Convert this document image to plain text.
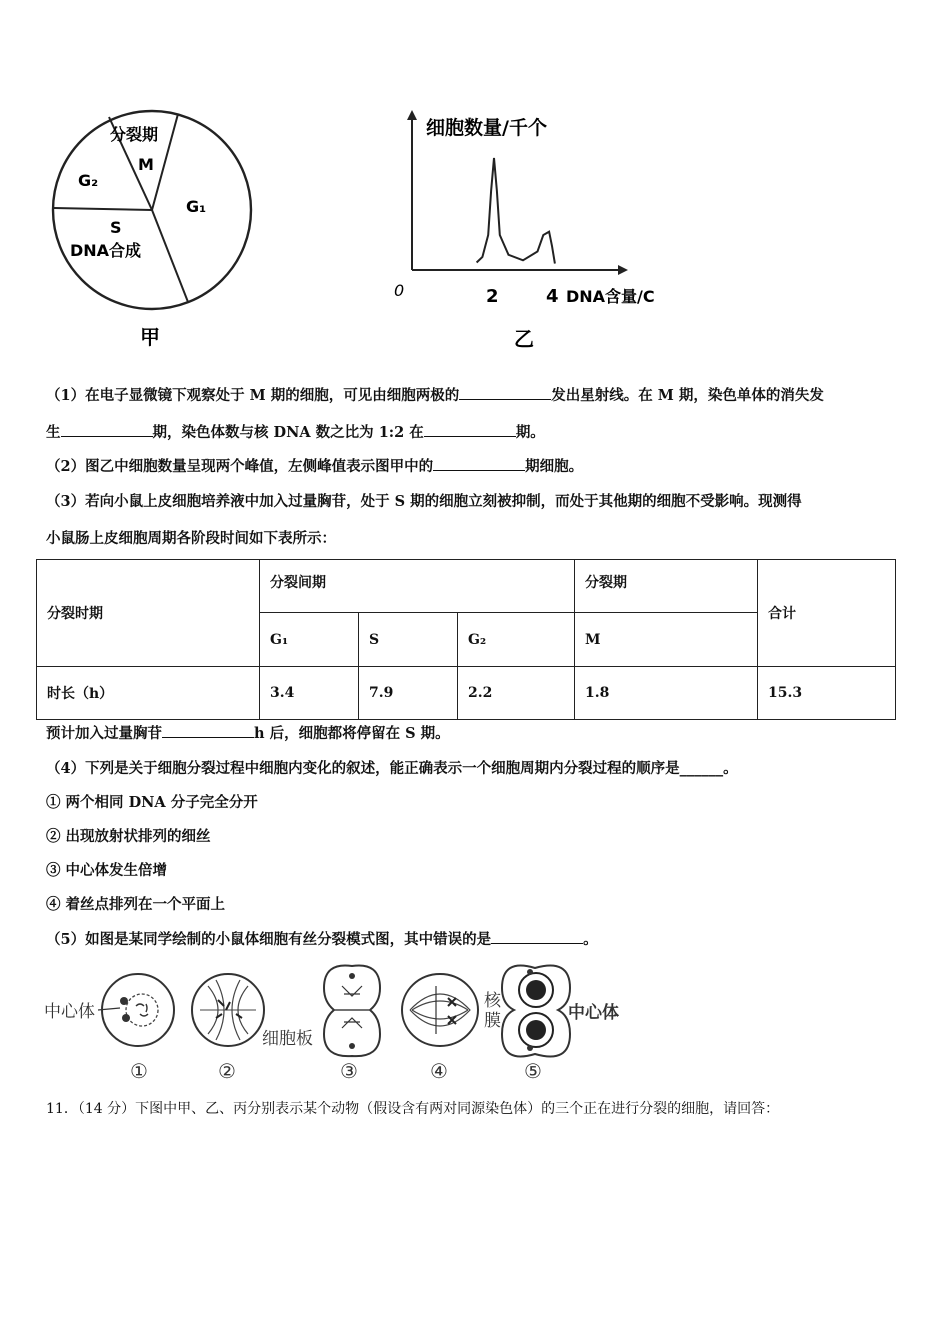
分裂期
M
G₂
S
DNA合成
G₁
甲
细胞数量/千个
0	2	4 DNA含量/C
乙
（1）在电子显微镜下观察处于 M 期的细胞，可见由细胞两极的	发出星射线。在 M 期，染色单体的消失发
生	期，染色体数与核 DNA 数之比为 1:2 在	期。
（2）图乙中细胞数量呈现两个峰值，左侧峰值表示图甲中的	期细胞。
（3）若向小鼠上皮细胞培养液中加入过量胸苷，处于 S 期的细胞立刻被抑制，而处于其他期的细胞不受影响。现测得
小鼠肠上皮细胞周期各阶段时间如下表所示：
分裂时期	分裂间期			分裂期	合计
	G₁	S	G₂	M	
时长（h）	3.4	7.9	2.2	1.8	15.3
预计加入过量胸苷	h 后，细胞都将停留在 S 期。
（4）下列是关于细胞分裂过程中细胞内变化的叙述，能正确表示一个细胞周期内分裂过程的顺序是______。
① 两个相同 DNA 分子完全分开
② 出现放射状排列的细丝
③ 中心体发生倍增
④ 着丝点排列在一个平面上
（5）如图是某同学绘制的小鼠体细胞有丝分裂模式图，其中错误的是	。
中心体
细胞板
核 膜	中心体
①	②	③	④	⑤
11．（14 分）下图中甲、乙、丙分别表示某个动物（假设含有两对同源染色体）的三个正在进行分裂的细胞，请回答：
